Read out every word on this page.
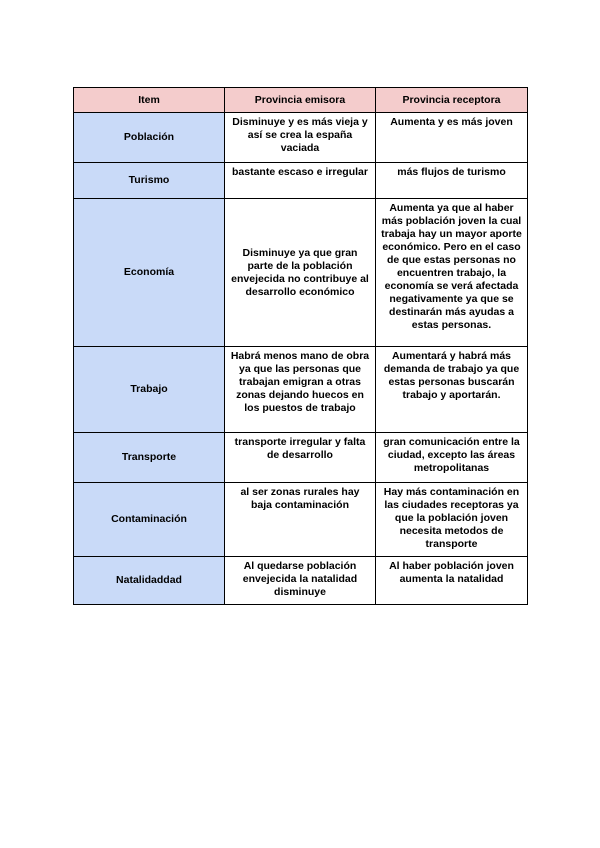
Item	Provincia emisora	Provincia receptora
Población	Disminuye y es más vieja y así se crea la españa vaciada	Aumenta y es más joven
Turismo	bastante escaso e irregular	más flujos de turismo
Economía	Disminuye ya que gran parte de la población envejecida no contribuye al desarrollo económico	Aumenta ya que al haber más población joven la cual trabaja hay un mayor aporte económico. Pero en el caso de que estas personas no encuentren trabajo, la economía se verá afectada negativamente ya que se destinarán más ayudas a estas personas.
Trabajo	Habrá menos mano de obra ya que las personas que trabajan emigran a otras zonas dejando huecos en los puestos de trabajo	Aumentará y habrá más demanda de trabajo ya que estas personas buscarán trabajo y aportarán.
Transporte	transporte irregular y falta de desarrollo	gran comunicación entre la ciudad, excepto las áreas metropolitanas
Contaminación	al ser zonas rurales hay baja contaminación	Hay más contaminación en las ciudades receptoras ya que la población joven necesita metodos de transporte
Natalidaddad	Al quedarse población envejecida la natalidad disminuye	Al haber población joven aumenta la natalidad
